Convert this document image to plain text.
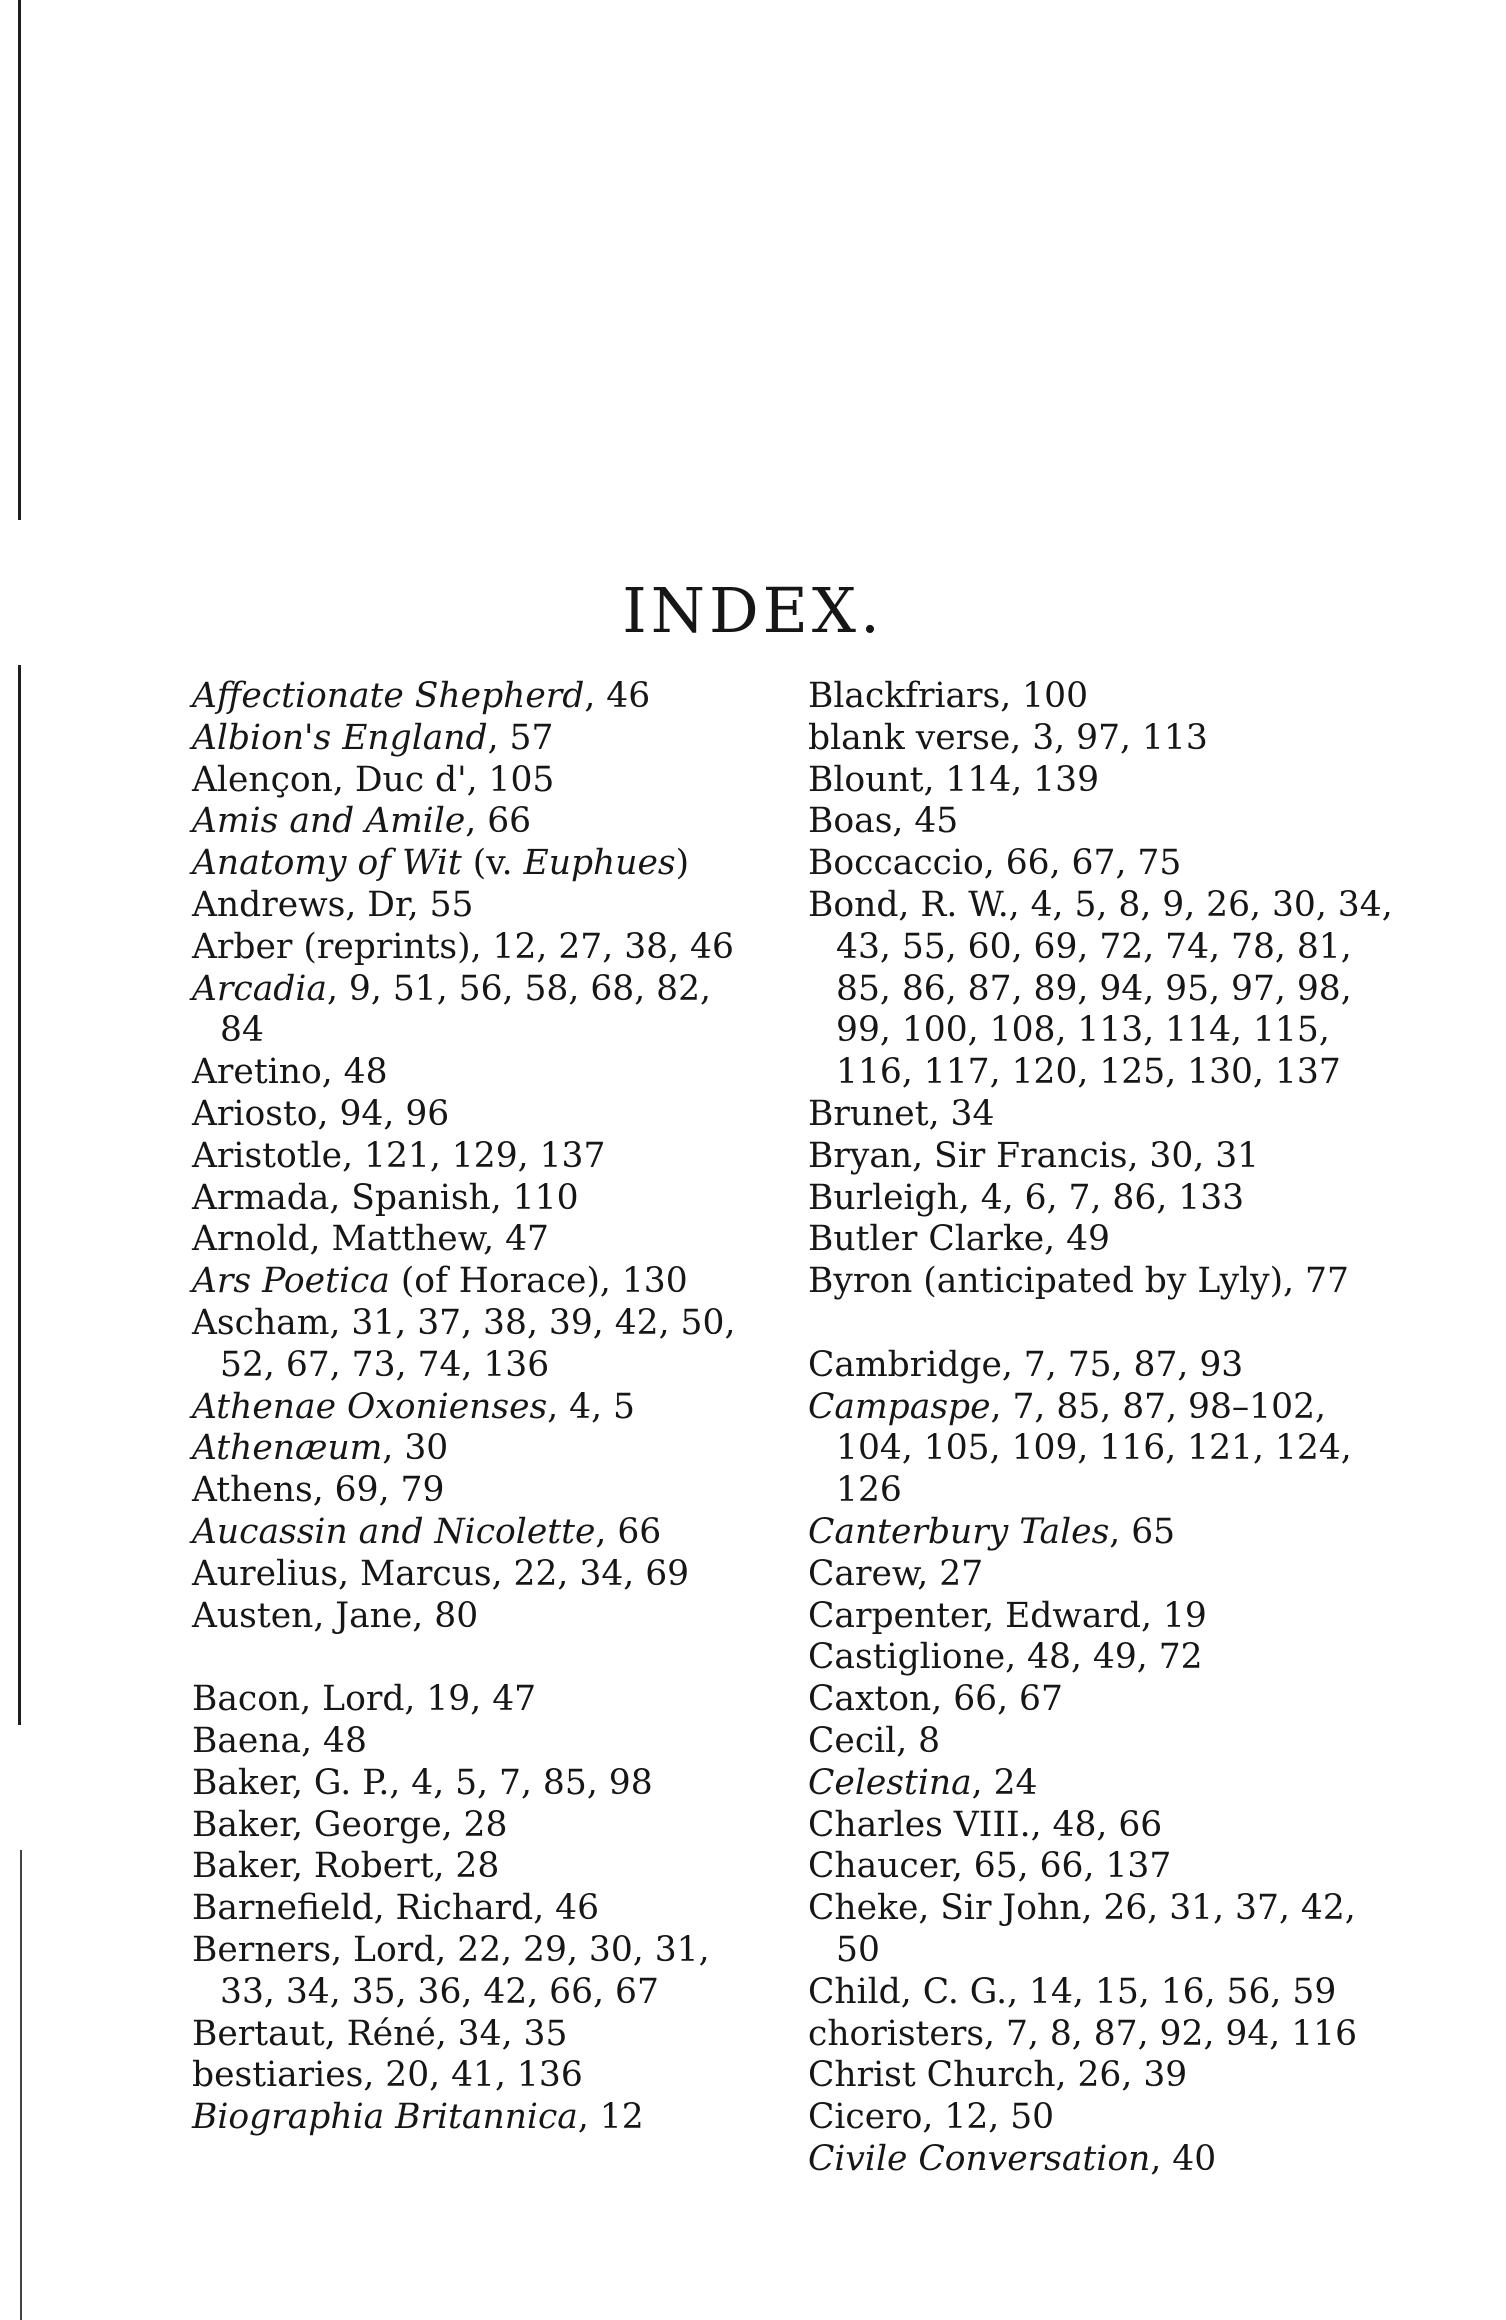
INDEX.
Affectionate Shepherd, 46
Albion's England, 57
Alençon, Duc d', 105
Amis and Amile, 66
Anatomy of Wit (v. Euphues)
Andrews, Dr, 55
Arber (reprints), 12, 27, 38, 46
Arcadia, 9, 51, 56, 58, 68, 82, 84
Aretino, 48
Ariosto, 94, 96
Aristotle, 121, 129, 137
Armada, Spanish, 110
Arnold, Matthew, 47
Ars Poetica (of Horace), 130
Ascham, 31, 37, 38, 39, 42, 50, 52, 67, 73, 74, 136
Athenae Oxonienses, 4, 5
Athenæum, 30
Athens, 69, 79
Aucassin and Nicolette, 66
Aurelius, Marcus, 22, 34, 69
Austen, Jane, 80
Bacon, Lord, 19, 47
Baena, 48
Baker, G. P., 4, 5, 7, 85, 98
Baker, George, 28
Baker, Robert, 28
Barnefield, Richard, 46
Berners, Lord, 22, 29, 30, 31, 33, 34, 35, 36, 42, 66, 67
Bertaut, Réné, 34, 35
bestiaries, 20, 41, 136
Biographia Britannica, 12
Blackfriars, 100
blank verse, 3, 97, 113
Blount, 114, 139
Boas, 45
Boccaccio, 66, 67, 75
Bond, R. W., 4, 5, 8, 9, 26, 30, 34, 43, 55, 60, 69, 72, 74, 78, 81, 85, 86, 87, 89, 94, 95, 97, 98, 99, 100, 108, 113, 114, 115, 116, 117, 120, 125, 130, 137
Brunet, 34
Bryan, Sir Francis, 30, 31
Burleigh, 4, 6, 7, 86, 133
Butler Clarke, 49
Byron (anticipated by Lyly), 77
Cambridge, 7, 75, 87, 93
Campaspe, 7, 85, 87, 98–102, 104, 105, 109, 116, 121, 124, 126
Canterbury Tales, 65
Carew, 27
Carpenter, Edward, 19
Castiglione, 48, 49, 72
Caxton, 66, 67
Cecil, 8
Celestina, 24
Charles VIII., 48, 66
Chaucer, 65, 66, 137
Cheke, Sir John, 26, 31, 37, 42, 50
Child, C. G., 14, 15, 16, 56, 59
choristers, 7, 8, 87, 92, 94, 116
Christ Church, 26, 39
Cicero, 12, 50
Civile Conversation, 40
